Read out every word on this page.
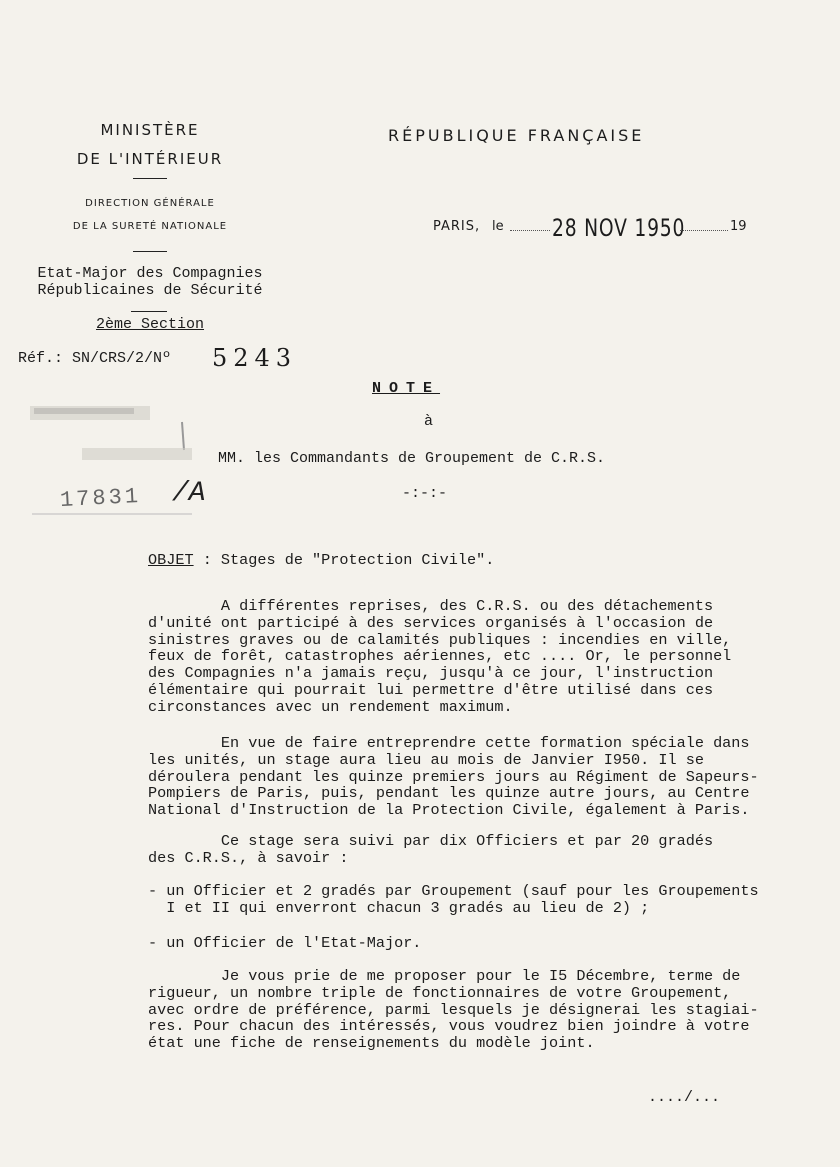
MINISTÈRE
DE L'INTÉRIEUR
DIRECTION GÉNÉRALE
DE LA SURETÉ NATIONALE
Etat-Major des Compagnies
Républicaines de Sécurité
2ème Section
Réf.: SN/CRS/2/Nº 5243
RÉPUBLIQUE FRANÇAISE
PARIS, le 28 NOV 1950	19
NOTE
à
MM. les Commandants de Groupement de C.R.S.
-:-:-
17831 /A
OBJET : Stages de "Protection Civile".
A différentes reprises, des C.R.S. ou des détachements
d'unité ont participé à des services organisés à l'occasion de
sinistres graves ou de calamités publiques : incendies en ville,
feux de forêt, catastrophes aériennes, etc .... Or, le personnel
des Compagnies n'a jamais reçu, jusqu'à ce jour, l'instruction
élémentaire qui pourrait lui permettre d'être utilisé dans ces
circonstances avec un rendement maximum.
En vue de faire entreprendre cette formation spéciale dans
les unités, un stage aura lieu au mois de Janvier I950. Il se
déroulera pendant les quinze premiers jours au Régiment de Sapeurs-
Pompiers de Paris, puis, pendant les quinze autre jours, au Centre
National d'Instruction de la Protection Civile, également à Paris.
Ce stage sera suivi par dix Officiers et par 20 gradés
des C.R.S., à savoir :
- un Officier et 2 gradés par Groupement (sauf pour les Groupements
I et II qui enverront chacun 3 gradés au lieu de 2) ;
- un Officier de l'Etat-Major.
Je vous prie de me proposer pour le I5 Décembre, terme de
rigueur, un nombre triple de fonctionnaires de votre Groupement,
avec ordre de préférence, parmi lesquels je désignerai les stagiai-
res. Pour chacun des intéressés, vous voudrez bien joindre à votre
état une fiche de renseignements du modèle joint.
..../...
